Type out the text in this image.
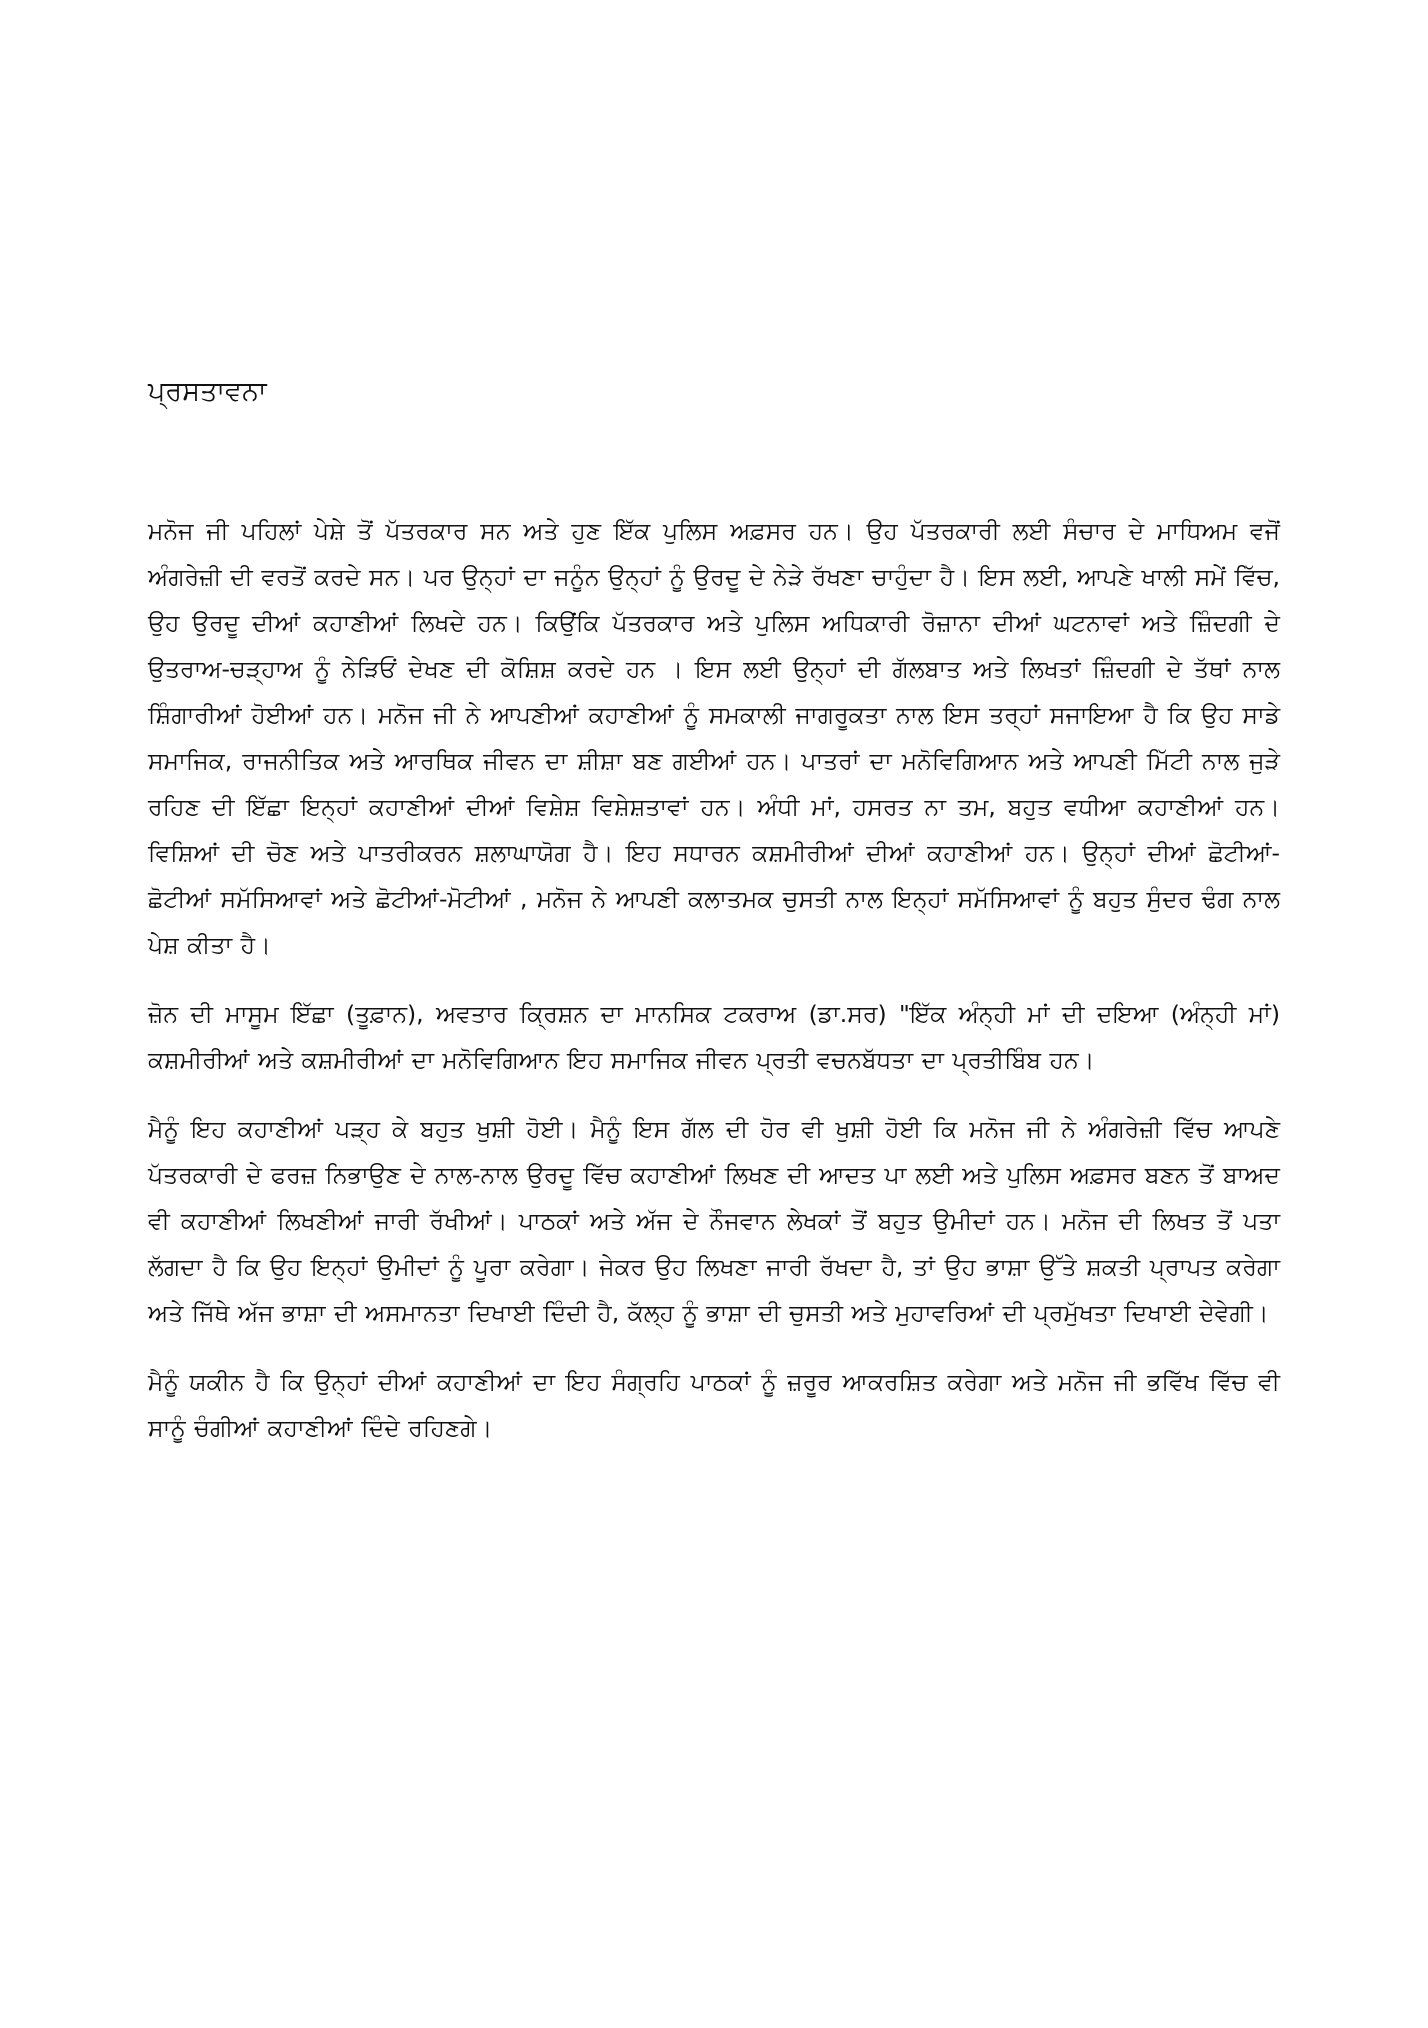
ਪ੍ਰਸਤਾਵਨਾ

ਮਨੋਜ ਜੀ ਪਹਿਲਾਂ ਪੇਸ਼ੇ ਤੋਂ ਪੱਤਰਕਾਰ ਸਨ ਅਤੇ ਹੁਣ ਇੱਕ ਪੁਲਿਸ ਅਫ਼ਸਰ ਹਨ। ਉਹ ਪੱਤਰਕਾਰੀ ਲਈ ਸੰਚਾਰ ਦੇ ਮਾਧਿਅਮ ਵਜੋਂ ਅੰਗਰੇਜ਼ੀ ਦੀ ਵਰਤੋਂ ਕਰਦੇ ਸਨ। ਪਰ ਉਨ੍ਹਾਂ ਦਾ ਜਨੂੰਨ ਉਨ੍ਹਾਂ ਨੂੰ ਉਰਦੂ ਦੇ ਨੇੜੇ ਰੱਖਣਾ ਚਾਹੁੰਦਾ ਹੈ। ਇਸ ਲਈ, ਆਪਣੇ ਖਾਲੀ ਸਮੇਂ ਵਿੱਚ, ਉਹ ਉਰਦੂ ਦੀਆਂ ਕਹਾਣੀਆਂ ਲਿਖਦੇ ਹਨ। ਕਿਉਂਕਿ ਪੱਤਰਕਾਰ ਅਤੇ ਪੁਲਿਸ ਅਧਿਕਾਰੀ ਰੋਜ਼ਾਨਾ ਦੀਆਂ ਘਟਨਾਵਾਂ ਅਤੇ ਜ਼ਿੰਦਗੀ ਦੇ ਉਤਰਾਅ-ਚੜ੍ਹਾਅ ਨੂੰ ਨੇੜਿਓਂ ਦੇਖਣ ਦੀ ਕੋਸ਼ਿਸ਼ ਕਰਦੇ ਹਨ । ਇਸ ਲਈ ਉਨ੍ਹਾਂ ਦੀ ਗੱਲਬਾਤ ਅਤੇ ਲਿਖਤਾਂ ਜ਼ਿੰਦਗੀ ਦੇ ਤੱਥਾਂ ਨਾਲ ਸ਼ਿੰਗਾਰੀਆਂ ਹੋਈਆਂ ਹਨ। ਮਨੋਜ ਜੀ ਨੇ ਆਪਣੀਆਂ ਕਹਾਣੀਆਂ ਨੂੰ ਸਮਕਾਲੀ ਜਾਗਰੂਕਤਾ ਨਾਲ ਇਸ ਤਰ੍ਹਾਂ ਸਜਾਇਆ ਹੈ ਕਿ ਉਹ ਸਾਡੇ ਸਮਾਜਿਕ, ਰਾਜਨੀਤਿਕ ਅਤੇ ਆਰਥਿਕ ਜੀਵਨ ਦਾ ਸ਼ੀਸ਼ਾ ਬਣ ਗਈਆਂ ਹਨ। ਪਾਤਰਾਂ ਦਾ ਮਨੋਵਿਗਿਆਨ ਅਤੇ ਆਪਣੀ ਮਿੱਟੀ ਨਾਲ ਜੁੜੇ ਰਹਿਣ ਦੀ ਇੱਛਾ ਇਨ੍ਹਾਂ ਕਹਾਣੀਆਂ ਦੀਆਂ ਵਿਸ਼ੇਸ਼ ਵਿਸ਼ੇਸ਼ਤਾਵਾਂ ਹਨ। ਅੰਧੀ ਮਾਂ, ਹਸਰਤ ਨਾ ਤਮ, ਬਹੁਤ ਵਧੀਆ ਕਹਾਣੀਆਂ ਹਨ। ਵਿਸ਼ਿਆਂ ਦੀ ਚੋਣ ਅਤੇ ਪਾਤਰੀਕਰਨ ਸ਼ਲਾਘਾਯੋਗ ਹੈ। ਇਹ ਸਧਾਰਨ ਕਸ਼ਮੀਰੀਆਂ ਦੀਆਂ ਕਹਾਣੀਆਂ ਹਨ। ਉਨ੍ਹਾਂ ਦੀਆਂ ਛੋਟੀਆਂ-ਛੋਟੀਆਂ ਸਮੱਸਿਆਵਾਂ ਅਤੇ ਛੋਟੀਆਂ-ਮੋਟੀਆਂ , ਮਨੋਜ ਨੇ ਆਪਣੀ ਕਲਾਤਮਕ ਚੁਸਤੀ ਨਾਲ ਇਨ੍ਹਾਂ ਸਮੱਸਿਆਵਾਂ ਨੂੰ ਬਹੁਤ ਸੁੰਦਰ ਢੰਗ ਨਾਲ ਪੇਸ਼ ਕੀਤਾ ਹੈ।

ਜ਼ੋਨ ਦੀ ਮਾਸੂਮ ਇੱਛਾ (ਤੂਫ਼ਾਨ), ਅਵਤਾਰ ਕ੍ਰਿਸ਼ਨ ਦਾ ਮਾਨਸਿਕ ਟਕਰਾਅ (ਡਾ.ਸਰ) "ਇੱਕ ਅੰਨ੍ਹੀ ਮਾਂ ਦੀ ਦਇਆ (ਅੰਨ੍ਹੀ ਮਾਂ) ਕਸ਼ਮੀਰੀਆਂ ਅਤੇ ਕਸ਼ਮੀਰੀਆਂ ਦਾ ਮਨੋਵਿਗਿਆਨ ਇਹ ਸਮਾਜਿਕ ਜੀਵਨ ਪ੍ਰਤੀ ਵਚਨਬੱਧਤਾ ਦਾ ਪ੍ਰਤੀਬਿੰਬ ਹਨ।

ਮੈਨੂੰ ਇਹ ਕਹਾਣੀਆਂ ਪੜ੍ਹ ਕੇ ਬਹੁਤ ਖੁਸ਼ੀ ਹੋਈ। ਮੈਨੂੰ ਇਸ ਗੱਲ ਦੀ ਹੋਰ ਵੀ ਖੁਸ਼ੀ ਹੋਈ ਕਿ ਮਨੋਜ ਜੀ ਨੇ ਅੰਗਰੇਜ਼ੀ ਵਿੱਚ ਆਪਣੇ ਪੱਤਰਕਾਰੀ ਦੇ ਫਰਜ਼ ਨਿਭਾਉਣ ਦੇ ਨਾਲ-ਨਾਲ ਉਰਦੂ ਵਿੱਚ ਕਹਾਣੀਆਂ ਲਿਖਣ ਦੀ ਆਦਤ ਪਾ ਲਈ ਅਤੇ ਪੁਲਿਸ ਅਫ਼ਸਰ ਬਣਨ ਤੋਂ ਬਾਅਦ ਵੀ ਕਹਾਣੀਆਂ ਲਿਖਣੀਆਂ ਜਾਰੀ ਰੱਖੀਆਂ। ਪਾਠਕਾਂ ਅਤੇ ਅੱਜ ਦੇ ਨੌਜਵਾਨ ਲੇਖਕਾਂ ਤੋਂ ਬਹੁਤ ਉਮੀਦਾਂ ਹਨ। ਮਨੋਜ ਦੀ ਲਿਖਤ ਤੋਂ ਪਤਾ ਲੱਗਦਾ ਹੈ ਕਿ ਉਹ ਇਨ੍ਹਾਂ ਉਮੀਦਾਂ ਨੂੰ ਪੂਰਾ ਕਰੇਗਾ। ਜੇਕਰ ਉਹ ਲਿਖਣਾ ਜਾਰੀ ਰੱਖਦਾ ਹੈ, ਤਾਂ ਉਹ ਭਾਸ਼ਾ ਉੱਤੇ ਸ਼ਕਤੀ ਪ੍ਰਾਪਤ ਕਰੇਗਾ ਅਤੇ ਜਿੱਥੇ ਅੱਜ ਭਾਸ਼ਾ ਦੀ ਅਸਮਾਨਤਾ ਦਿਖਾਈ ਦਿੰਦੀ ਹੈ, ਕੱਲ੍ਹ ਨੂੰ ਭਾਸ਼ਾ ਦੀ ਚੁਸਤੀ ਅਤੇ ਮੁਹਾਵਰਿਆਂ ਦੀ ਪ੍ਰਮੁੱਖਤਾ ਦਿਖਾਈ ਦੇਵੇਗੀ।

ਮੈਨੂੰ ਯਕੀਨ ਹੈ ਕਿ ਉਨ੍ਹਾਂ ਦੀਆਂ ਕਹਾਣੀਆਂ ਦਾ ਇਹ ਸੰਗ੍ਰਹਿ ਪਾਠਕਾਂ ਨੂੰ ਜ਼ਰੂਰ ਆਕਰਸ਼ਿਤ ਕਰੇਗਾ ਅਤੇ ਮਨੋਜ ਜੀ ਭਵਿੱਖ ਵਿੱਚ ਵੀ ਸਾਨੂੰ ਚੰਗੀਆਂ ਕਹਾਣੀਆਂ ਦਿੰਦੇ ਰਹਿਣਗੇ।
